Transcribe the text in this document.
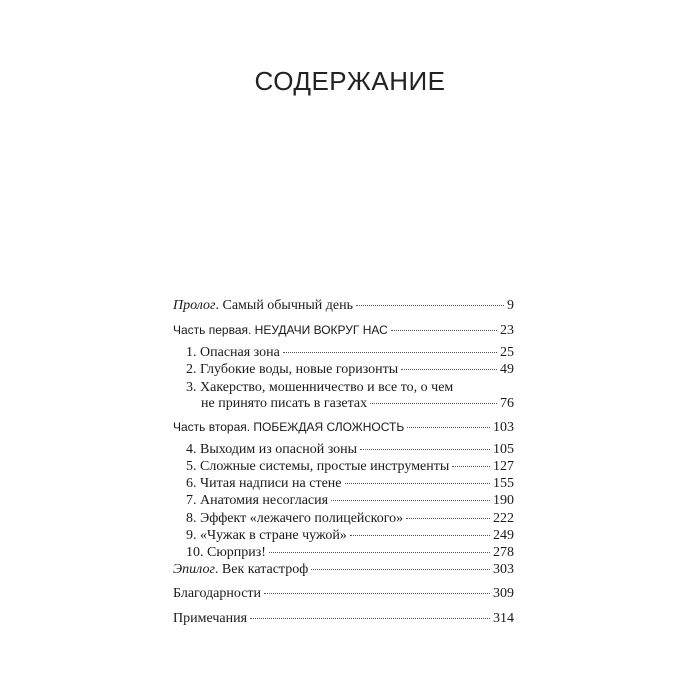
СОДЕРЖАНИЕ
Пролог. Самый обычный день	9
Часть первая. НЕУДАЧИ ВОКРУГ НАС	23
1. Опасная зона	25
2. Глубокие воды, новые горизонты	49
3. Хакерство, мошенничество и все то, о чем
не принято писать в газетах	76
Часть вторая. ПОБЕЖДАЯ СЛОЖНОСТЬ	103
4. Выходим из опасной зоны	105
5. Сложные системы, простые инструменты	127
6. Читая надписи на стене	155
7. Анатомия несогласия	190
8. Эффект «лежачего полицейского»	222
9. «Чужак в стране чужой»	249
10. Сюрприз!	278
Эпилог. Век катастроф	303
Благодарности	309
Примечания	314
